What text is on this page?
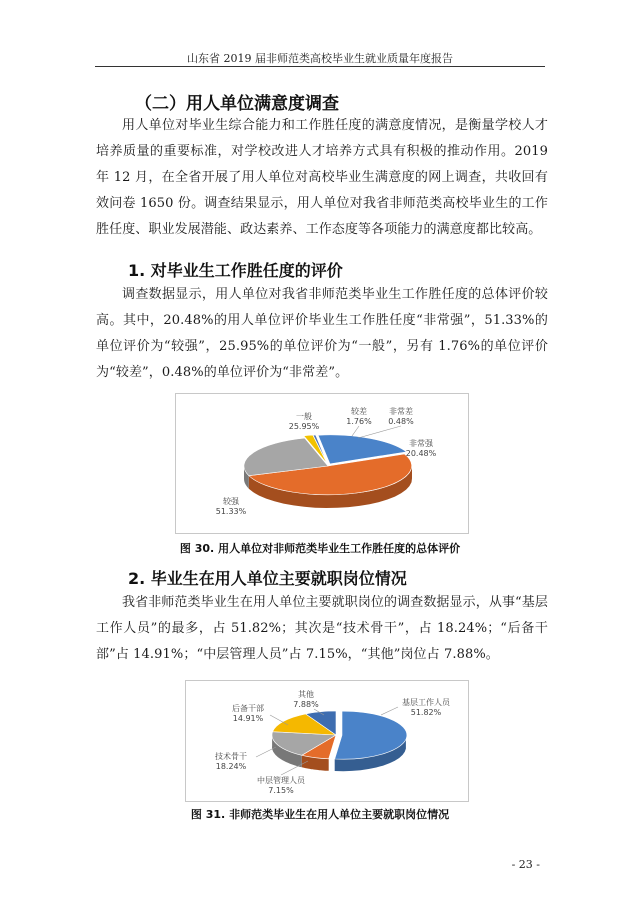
山东省 2019 届非师范类高校毕业生就业质量年度报告
（二）用人单位满意度调查

用人单位对毕业生综合能力和工作胜任度的满意度情况，是衡量学校人才培养质量的重要标准，对学校改进人才培养方式具有积极的推动作用。2019 年 12 月，在全省开展了用人单位对高校毕业生满意度的网上调查，共收回有效问卷 1650 份。调查结果显示，用人单位对我省非师范类高校毕业生的工作胜任度、职业发展潜能、政达素养、工作态度等各项能力的满意度都比较高。

1. 对毕业生工作胜任度的评价

调查数据显示，用人单位对我省非师范类毕业生工作胜任度的总体评价较高。其中，20.48%的用人单位评价毕业生工作胜任度“非常强”，51.33%的单位评价为“较强”，25.95%的单位评价为“一般”，另有 1.76%的单位评价为“较差”，0.48%的单位评价为“非常差”。

非常强
20.48%
较强
51.33%
一般
25.95%
较差
1.76%
非常差
0.48%
图 30. 用人单位对非师范类毕业生工作胜任度的总体评价
2. 毕业生在用人单位主要就职岗位情况

我省非师范类毕业生在用人单位主要就职岗位的调查数据显示，从事“基层工作人员”的最多，占 51.82%；其次是“技术骨干”，占 18.24%；“后备干部”占 14.91%；“中层管理人员”占 7.15%，“其他”岗位占 7.88%。

基层工作人员
51.82%
中层管理人员
7.15%
技术骨干
18.24%
后备干部
14.91%
其他
7.88%
图 31. 非师范类毕业生在用人单位主要就职岗位情况
- 23 -
